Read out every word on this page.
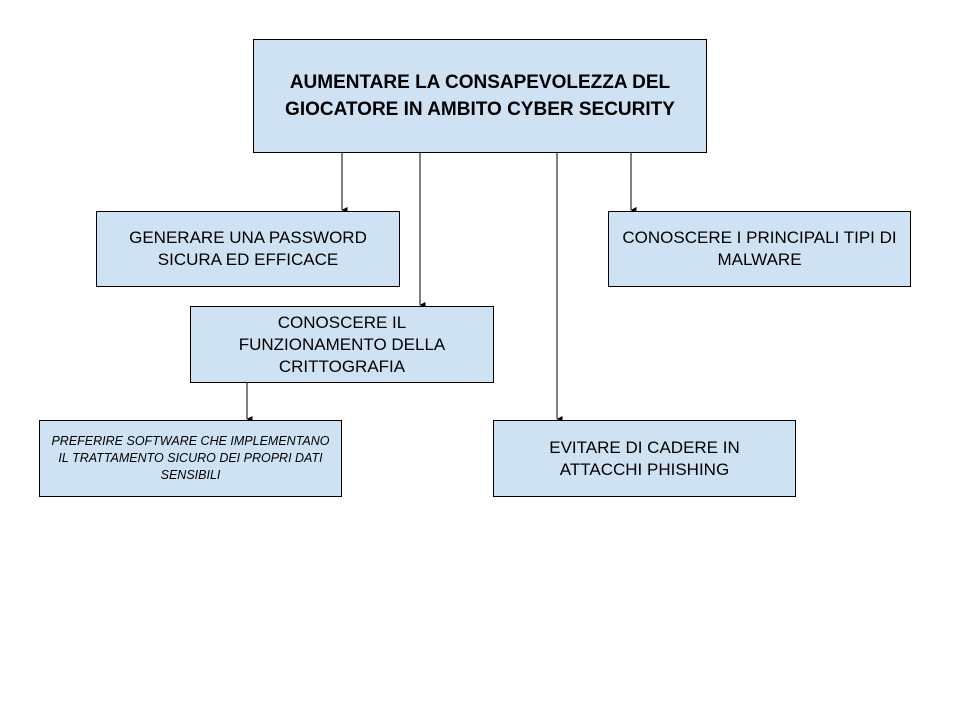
AUMENTARE LA CONSAPEVOLEZZA DEL GIOCATORE IN AMBITO CYBER SECURITY
GENERARE UNA PASSWORD SICURA ED EFFICACE
CONOSCERE I PRINCIPALI TIPI DI MALWARE
CONOSCERE IL FUNZIONAMENTO DELLA CRITTOGRAFIA
PREFERIRE SOFTWARE CHE IMPLEMENTANO IL TRATTAMENTO SICURO DEI PROPRI DATI SENSIBILI
EVITARE DI CADERE IN ATTACCHI PHISHING
